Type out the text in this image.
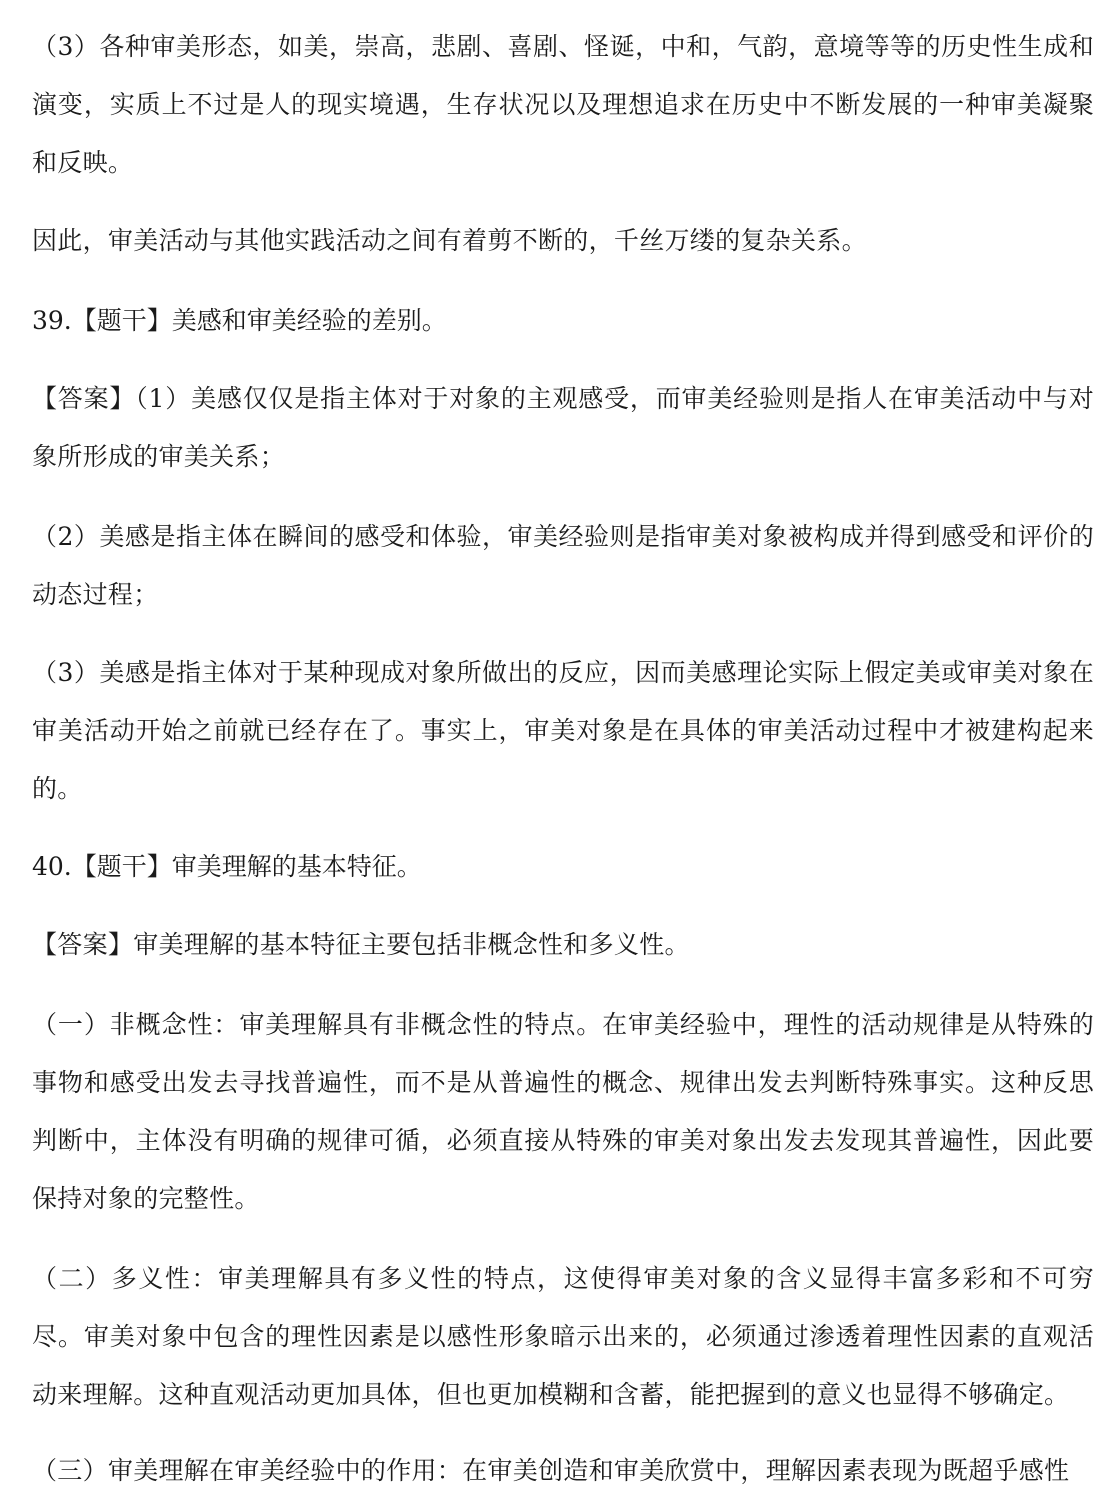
（3）各种审美形态，如美，崇高，悲剧、喜剧、怪诞，中和，气韵，意境等等的历史性生成和演变，实质上不过是人的现实境遇，生存状况以及理想追求在历史中不断发展的一种审美凝聚和反映。

因此，审美活动与其他实践活动之间有着剪不断的，千丝万缕的复杂关系。

39.【题干】美感和审美经验的差别。

【答案】（1）美感仅仅是指主体对于对象的主观感受，而审美经验则是指人在审美活动中与对象所形成的审美关系；

（2）美感是指主体在瞬间的感受和体验，审美经验则是指审美对象被构成并得到感受和评价的动态过程；

（3）美感是指主体对于某种现成对象所做出的反应，因而美感理论实际上假定美或审美对象在审美活动开始之前就已经存在了。事实上，审美对象是在具体的审美活动过程中才被建构起来的。

40.【题干】审美理解的基本特征。

【答案】审美理解的基本特征主要包括非概念性和多义性。

（一）非概念性：审美理解具有非概念性的特点。在审美经验中，理性的活动规律是从特殊的事物和感受出发去寻找普遍性，而不是从普遍性的概念、规律出发去判断特殊事实。这种反思判断中，主体没有明确的规律可循，必须直接从特殊的审美对象出发去发现其普遍性，因此要保持对象的完整性。

（二）多义性：审美理解具有多义性的特点，这使得审美对象的含义显得丰富多彩和不可穷尽。审美对象中包含的理性因素是以感性形象暗示出来的，必须通过渗透着理性因素的直观活动来理解。这种直观活动更加具体，但也更加模糊和含蓄，能把握到的意义也显得不够确定。

（三）审美理解在审美经验中的作用：在审美创造和审美欣赏中，理解因素表现为既超乎感性
